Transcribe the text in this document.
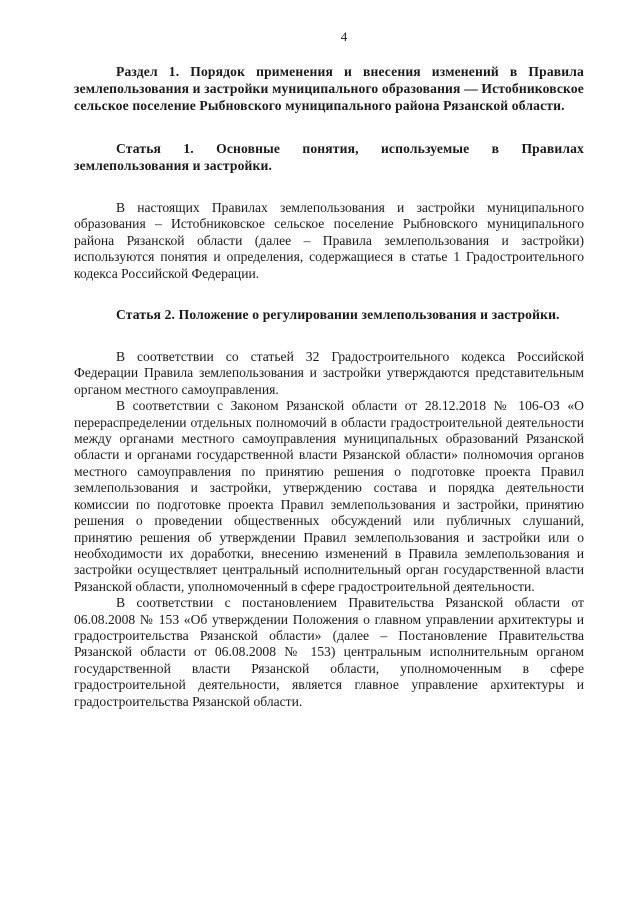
4

Раздел 1. Порядок применения и внесения изменений в Правила землепользования и застройки муниципального образования — Истобниковское сельское поселение Рыбновского муниципального района Рязанской области.

Статья 1. Основные понятия, используемые в Правилах землепользования и застройки.

В настоящих Правилах землепользования и застройки муниципального образования – Истобниковское сельское поселение Рыбновского муниципального района Рязанской области (далее – Правила землепользования и застройки) используются понятия и определения, содержащиеся в статье 1 Градостроительного кодекса Российской Федерации.

Статья 2. Положение о регулировании землепользования и застройки.

В соответствии со статьей 32 Градостроительного кодекса Российской Федерации Правила землепользования и застройки утверждаются представительным органом местного самоуправления.

В соответствии с Законом Рязанской области от 28.12.2018 № 106-ОЗ «О перераспределении отдельных полномочий в области градостроительной деятельности между органами местного самоуправления муниципальных образований Рязанской области и органами государственной власти Рязанской области» полномочия органов местного самоуправления по принятию решения о подготовке проекта Правил землепользования и застройки, утверждению состава и порядка деятельности комиссии по подготовке проекта Правил землепользования и застройки, принятию решения о проведении общественных обсуждений или публичных слушаний, принятию решения об утверждении Правил землепользования и застройки или о необходимости их доработки, внесению изменений в Правила землепользования и застройки осуществляет центральный исполнительный орган государственной власти Рязанской области, уполномоченный в сфере градостроительной деятельности.

В соответствии с постановлением Правительства Рязанской области от 06.08.2008 № 153 «Об утверждении Положения о главном управлении архитектуры и градостроительства Рязанской области» (далее – Постановление Правительства Рязанской области от 06.08.2008 № 153) центральным исполнительным органом государственной власти Рязанской области, уполномоченным в сфере градостроительной деятельности, является главное управление архитектуры и градостроительства Рязанской области.
